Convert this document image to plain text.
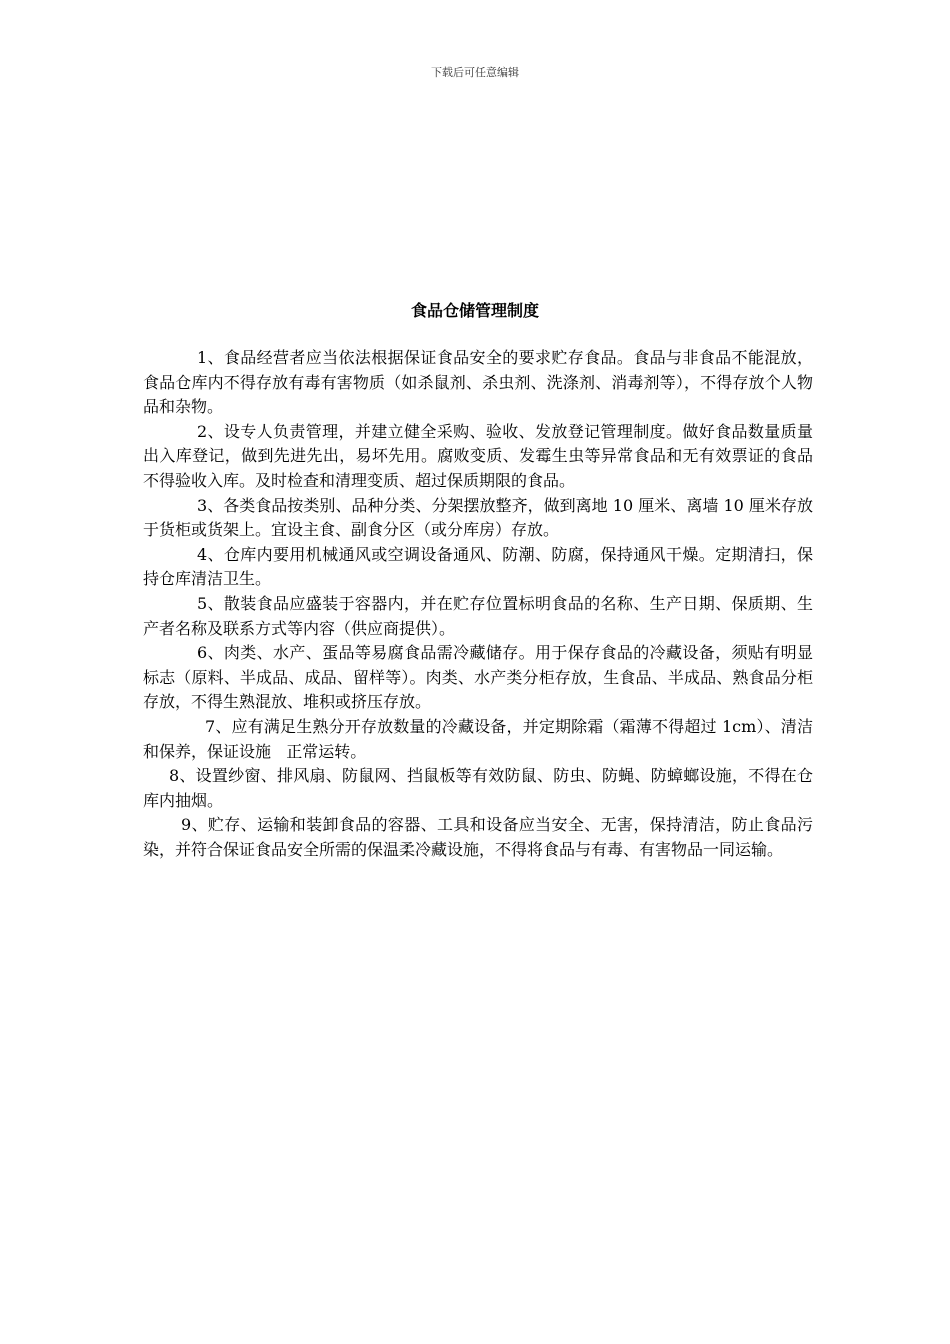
下载后可任意编辑
食品仓储管理制度

1、食品经营者应当依法根据保证食品安全的要求贮存食品。食品与非食品不能混放，食品仓库内不得存放有毒有害物质（如杀鼠剂、杀虫剂、洗涤剂、消毒剂等），不得存放个人物品和杂物。

2、设专人负责管理，并建立健全采购、验收、发放登记管理制度。做好食品数量质量出入库登记，做到先进先出，易坏先用。腐败变质、发霉生虫等异常食品和无有效票证的食品不得验收入库。及时检查和清理变质、超过保质期限的食品。

3、各类食品按类别、品种分类、分架摆放整齐，做到离地 10 厘米、离墙 10 厘米存放于货柜或货架上。宜设主食、副食分区（或分库房）存放。

4、仓库内要用机械通风或空调设备通风、防潮、防腐，保持通风干燥。定期清扫，保持仓库清洁卫生。

5、散装食品应盛装于容器内，并在贮存位置标明食品的名称、生产日期、保质期、生产者名称及联系方式等内容（供应商提供）。

6、肉类、水产、蛋品等易腐食品需冷藏储存。用于保存食品的冷藏设备，须贴有明显标志（原料、半成品、成品、留样等）。肉类、水产类分柜存放，生食品、半成品、熟食品分柜存放，不得生熟混放、堆积或挤压存放。

7、应有满足生熟分开存放数量的冷藏设备，并定期除霜（霜薄不得超过 1cm）、清洁和保养，保证设施   正常运转。

8、设置纱窗、排风扇、防鼠网、挡鼠板等有效防鼠、防虫、防蝇、防蟑螂设施，不得在仓库内抽烟。

9、贮存、运输和装卸食品的容器、工具和设备应当安全、无害，保持清洁，防止食品污染，并符合保证食品安全所需的保温柔冷藏设施，不得将食品与有毒、有害物品一同运输。
